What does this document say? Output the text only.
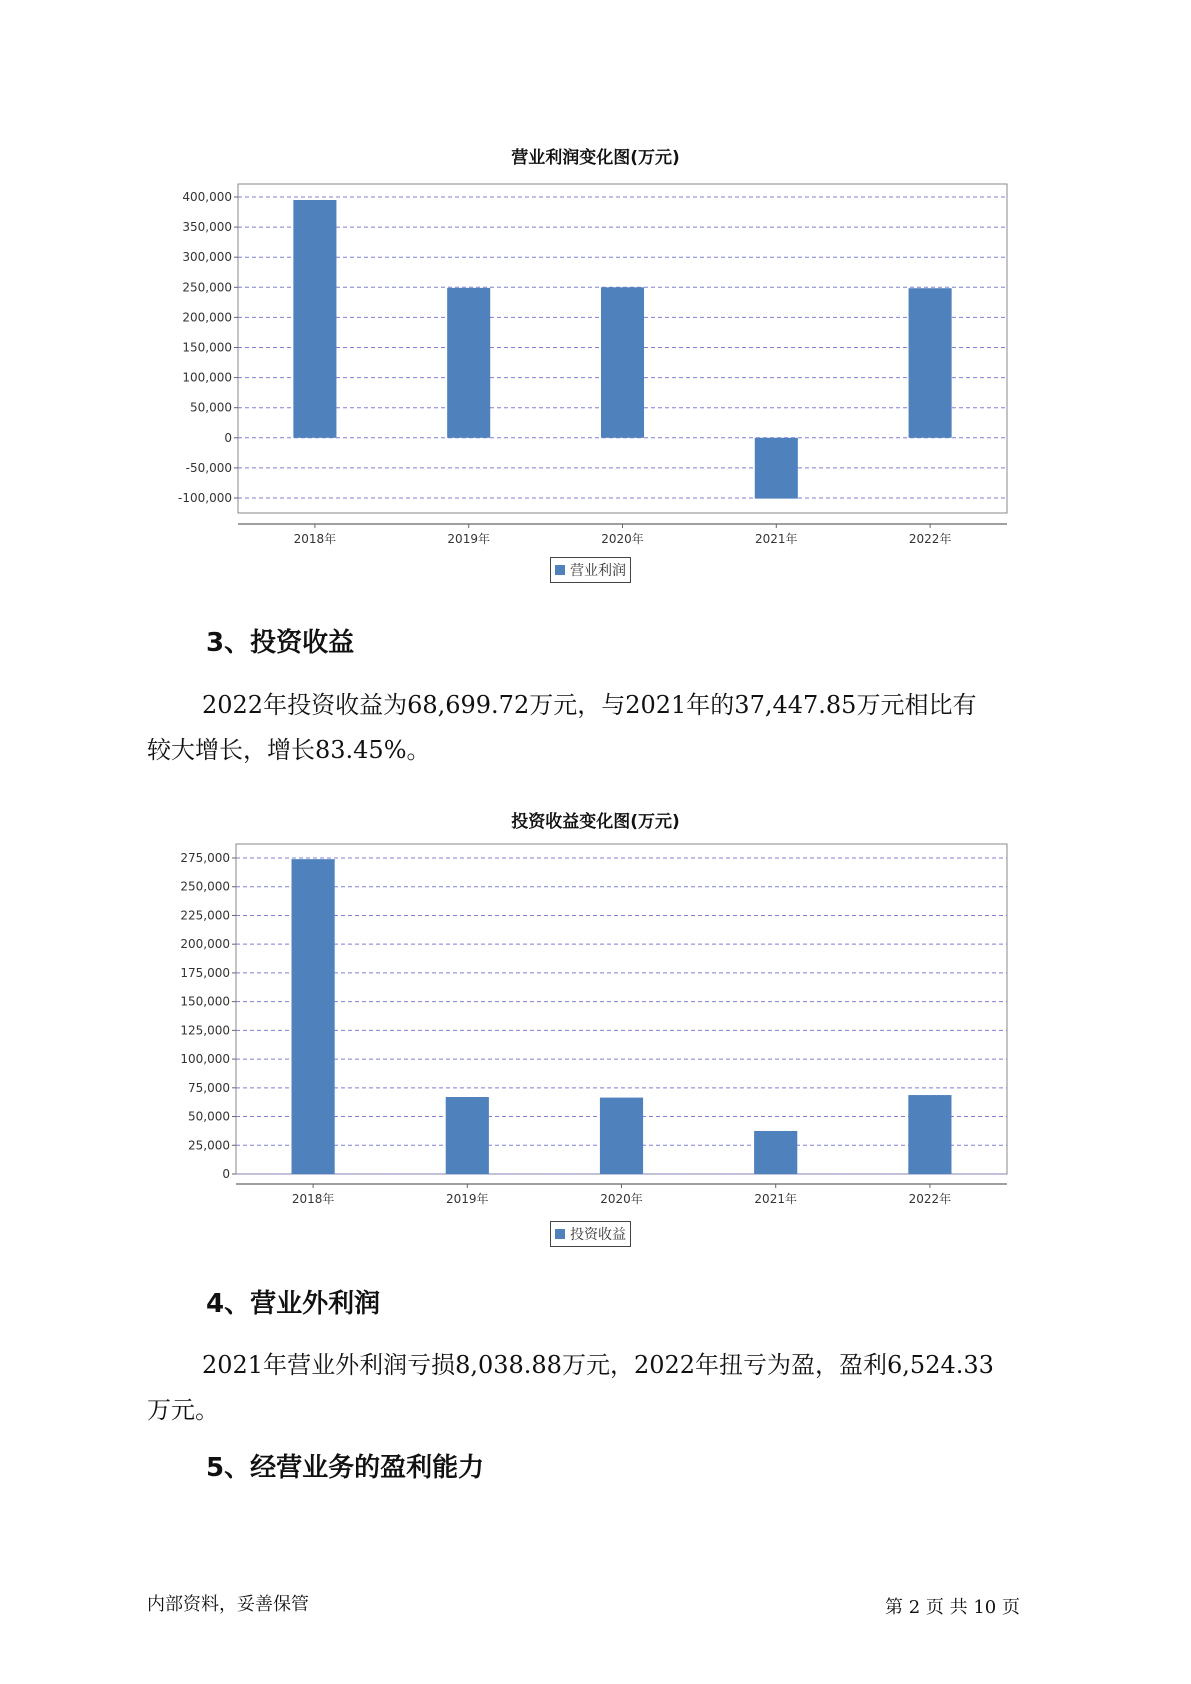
营业利润变化图(万元)
400,000
350,000
300,000
250,000
200,000
150,000
100,000
50,000
0
-50,000
-100,000
2018年	2019年	2020年	2021年	2022年
营业利润
3、投资收益
2022年投资收益为68,699.72万元，与2021年的37,447.85万元相比有
较大增长，增长83.45%。
投资收益变化图(万元)
275,000
250,000
225,000
200,000
175,000
150,000
125,000
100,000
75,000
50,000
25,000
0
2018年	2019年	2020年	2021年	2022年
投资收益
4、营业外利润
2021年营业外利润亏损8,038.88万元，2022年扭亏为盈，盈利6,524.33
万元。
5、经营业务的盈利能力
内部资料，妥善保管	第 2 页 共 10 页
